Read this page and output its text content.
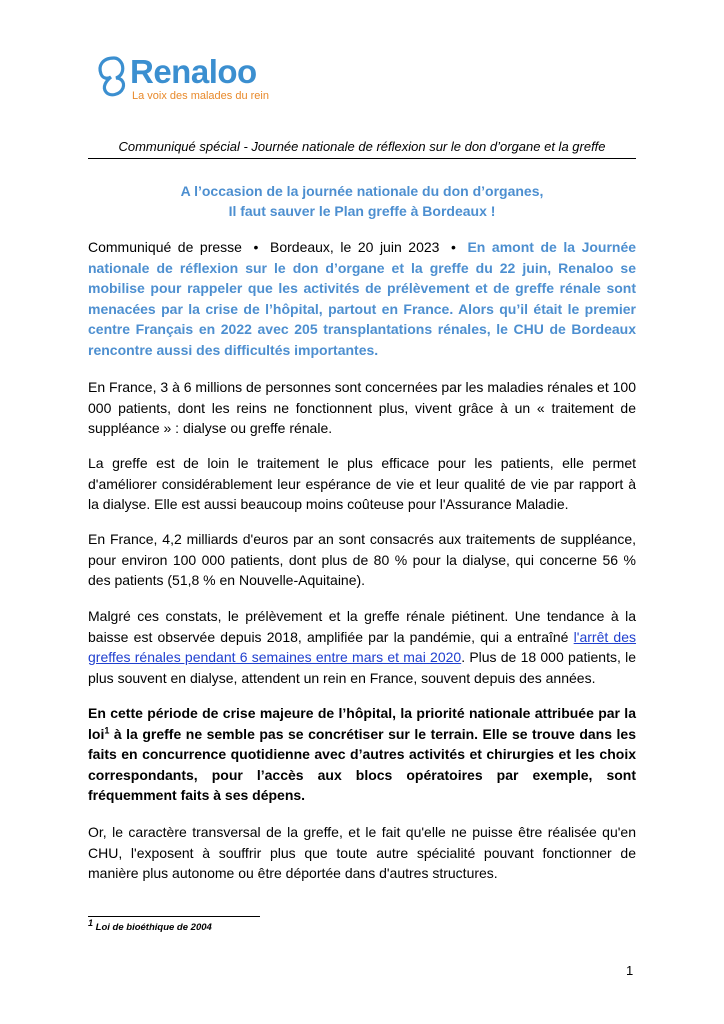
Renaloo
La voix des malades du rein
Communiqué spécial - Journée nationale de réflexion sur le don d’organe et la greffe
A l’occasion de la journée nationale du don d’organes,
Il faut sauver le Plan greffe à Bordeaux !
Communiqué de presse • Bordeaux, le 20 juin 2023 • En amont de la Journée nationale de réflexion sur le don d’organe et la greffe du 22 juin, Renaloo se mobilise pour rappeler que les activités de prélèvement et de greffe rénale sont menacées par la crise de l’hôpital, partout en France. Alors qu’il était le premier centre Français en 2022 avec 205 transplantations rénales, le CHU de Bordeaux rencontre aussi des difficultés importantes.
En France, 3 à 6 millions de personnes sont concernées par les maladies rénales et 100 000 patients, dont les reins ne fonctionnent plus, vivent grâce à un « traitement de suppléance » : dialyse ou greffe rénale.
La greffe est de loin le traitement le plus efficace pour les patients, elle permet d'améliorer considérablement leur espérance de vie et leur qualité de vie par rapport à la dialyse. Elle est aussi beaucoup moins coûteuse pour l'Assurance Maladie.
En France, 4,2 milliards d'euros par an sont consacrés aux traitements de suppléance, pour environ 100 000 patients, dont plus de 80 % pour la dialyse, qui concerne 56 % des patients (51,8 % en Nouvelle-Aquitaine).
Malgré ces constats, le prélèvement et la greffe rénale piétinent. Une tendance à la baisse est observée depuis 2018, amplifiée par la pandémie, qui a entraîné l'arrêt des greffes rénales pendant 6 semaines entre mars et mai 2020. Plus de 18 000 patients, le plus souvent en dialyse, attendent un rein en France, souvent depuis des années.
En cette période de crise majeure de l’hôpital, la priorité nationale attribuée par la loi$^1$ à la greffe ne semble pas se concrétiser sur le terrain. Elle se trouve dans les faits en concurrence quotidienne avec d’autres activités et chirurgies et les choix correspondants, pour l’accès aux blocs opératoires par exemple, sont fréquemment faits à ses dépens.
Or, le caractère transversal de la greffe, et le fait qu'elle ne puisse être réalisée qu'en CHU, l'exposent à souffrir plus que toute autre spécialité pouvant fonctionner de manière plus autonome ou être déportée dans d'autres structures.
$^1$ Loi de bioéthique de 2004
1
